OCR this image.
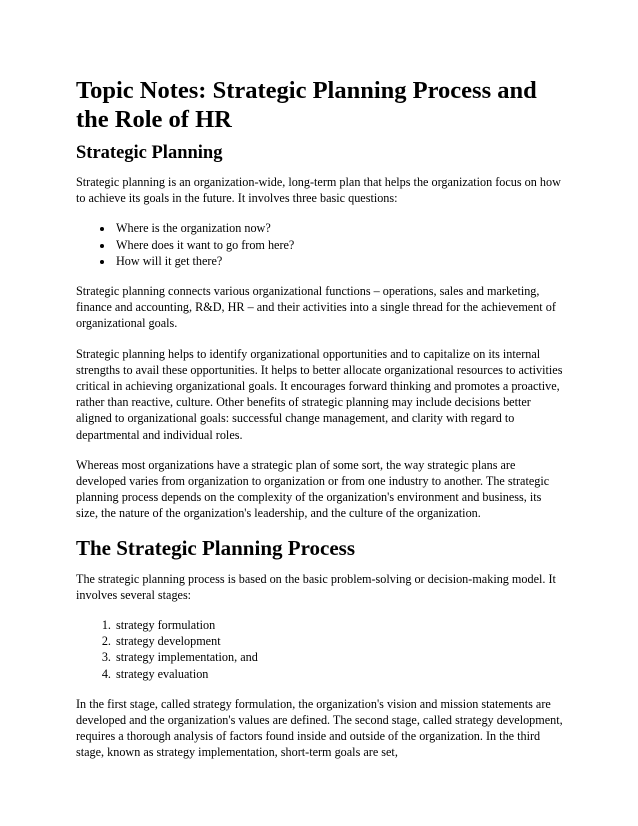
Topic Notes: Strategic Planning Process and the Role of HR
Strategic Planning

Strategic planning is an organization-wide, long-term plan that helps the organization focus on how to achieve its goals in the future. It involves three basic questions:

• Where is the organization now?
• Where does it want to go from here?
• How will it get there?

Strategic planning connects various organizational functions – operations, sales and marketing, finance and accounting, R&D, HR – and their activities into a single thread for the achievement of organizational goals.

Strategic planning helps to identify organizational opportunities and to capitalize on its internal strengths to avail these opportunities. It helps to better allocate organizational resources to activities critical in achieving organizational goals. It encourages forward thinking and promotes a proactive, rather than reactive, culture. Other benefits of strategic planning may include decisions better aligned to organizational goals: successful change management, and clarity with regard to departmental and individual roles.

Whereas most organizations have a strategic plan of some sort, the way strategic plans are developed varies from organization to organization or from one industry to another. The strategic planning process depends on the complexity of the organization's environment and business, its size, the nature of the organization's leadership, and the culture of the organization.

The Strategic Planning Process

The strategic planning process is based on the basic problem-solving or decision-making model. It involves several stages:

1. strategy formulation
2. strategy development
3. strategy implementation, and
4. strategy evaluation

In the first stage, called strategy formulation, the organization's vision and mission statements are developed and the organization's values are defined. The second stage, called strategy development, requires a thorough analysis of factors found inside and outside of the organization. In the third stage, known as strategy implementation, short-term goals are set,
